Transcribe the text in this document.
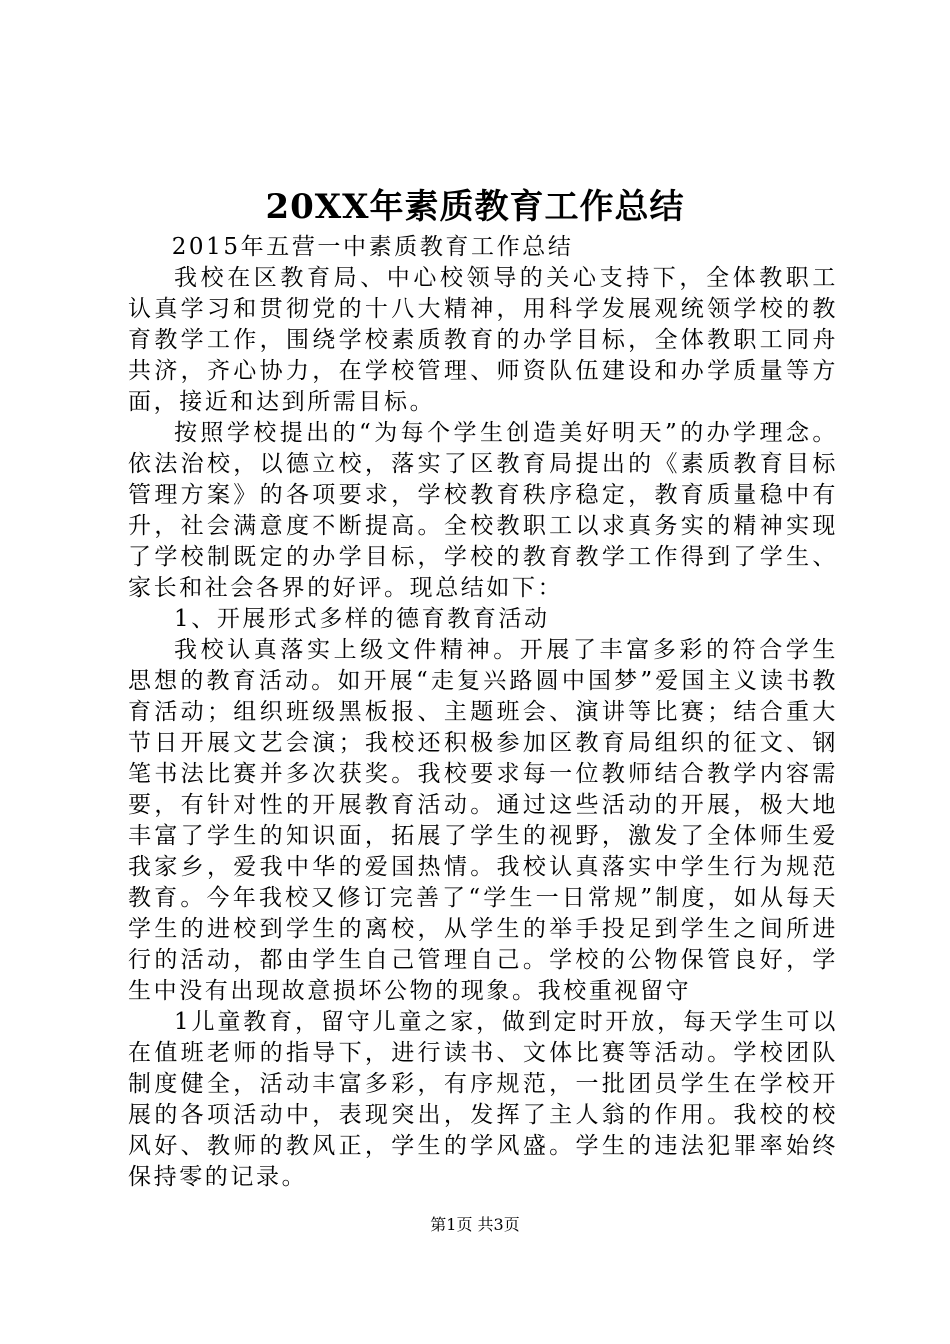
20XX年素质教育工作总结

2015年五营一中素质教育工作总结

我校在区教育局、中心校领导的关心支持下，全体教职工认真学习和贯彻党的十八大精神，用科学发展观统领学校的教育教学工作，围绕学校素质教育的办学目标，全体教职工同舟共济，齐心协力，在学校管理、师资队伍建设和办学质量等方面，接近和达到所需目标。

按照学校提出的“为每个学生创造美好明天”的办学理念。依法治校，以德立校，落实了区教育局提出的《素质教育目标管理方案》的各项要求，学校教育秩序稳定，教育质量稳中有升，社会满意度不断提高。全校教职工以求真务实的精神实现了学校制既定的办学目标，学校的教育教学工作得到了学生、家长和社会各界的好评。现总结如下：

1、开展形式多样的德育教育活动

我校认真落实上级文件精神。开展了丰富多彩的符合学生思想的教育活动。如开展“走复兴路圆中国梦”爱国主义读书教育活动；组织班级黑板报、主题班会、演讲等比赛；结合重大节日开展文艺会演；我校还积极参加区教育局组织的征文、钢笔书法比赛并多次获奖。我校要求每一位教师结合教学内容需要，有针对性的开展教育活动。通过这些活动的开展，极大地丰富了学生的知识面，拓展了学生的视野，激发了全体师生爱我家乡，爱我中华的爱国热情。我校认真落实中学生行为规范教育。今年我校又修订完善了“学生一日常规”制度，如从每天学生的进校到学生的离校，从学生的举手投足到学生之间所进行的活动，都由学生自己管理自己。学校的公物保管良好，学生中没有出现故意损坏公物的现象。我校重视留守

1儿童教育，留守儿童之家，做到定时开放，每天学生可以在值班老师的指导下，进行读书、文体比赛等活动。学校团队制度健全，活动丰富多彩，有序规范，一批团员学生在学校开展的各项活动中，表现突出，发挥了主人翁的作用。我校的校风好、教师的教风正，学生的学风盛。学生的违法犯罪率始终保持零的记录。

第1页 共3页
